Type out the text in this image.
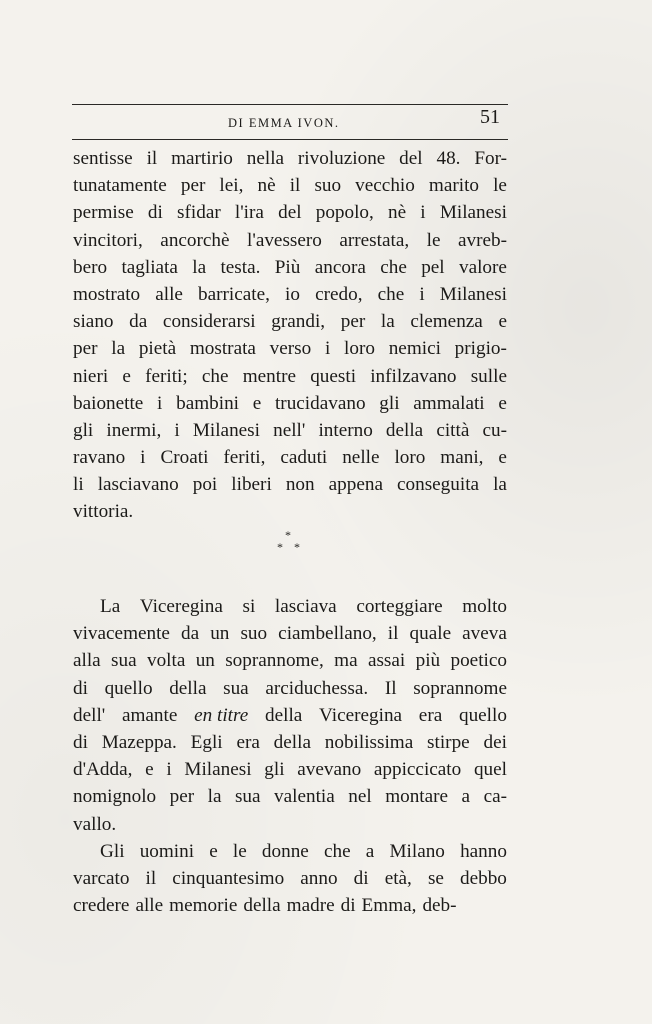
DI EMMA IVON.	51
sentisse il martirio nella rivoluzione del 48. For-
tunatamente per lei, nè il suo vecchio marito le
permise di sfidar l'ira del popolo, nè i Milanesi
vincitori, ancorchè l'avessero arrestata, le avreb-
bero tagliata la testa. Più ancora che pel valore
mostrato alle barricate, io credo, che i Milanesi
siano da considerarsi grandi, per la clemenza e
per la pietà mostrata verso i loro nemici prigio-
nieri e feriti; che mentre questi infilzavano sulle
baionette i bambini e trucidavano gli ammalati e
gli inermi, i Milanesi nell' interno della città cu-
ravano i Croati feriti, caduti nelle loro mani, e
li lasciavano poi liberi non appena conseguita la
vittoria.
*
* *
La Viceregina si lasciava corteggiare molto
vivacemente da un suo ciambellano, il quale aveva
alla sua volta un soprannome, ma assai più poetico
di quello della sua arciduchessa. Il soprannome
dell' amante en titre della Viceregina era quello
di Mazeppa. Egli era della nobilissima stirpe dei
d'Adda, e i Milanesi gli avevano appiccicato quel
nomignolo per la sua valentia nel montare a ca-
vallo.
Gli uomini e le donne che a Milano hanno
varcato il cinquantesimo anno di età, se debbo
credere alle memorie della madre di Emma, deb-
